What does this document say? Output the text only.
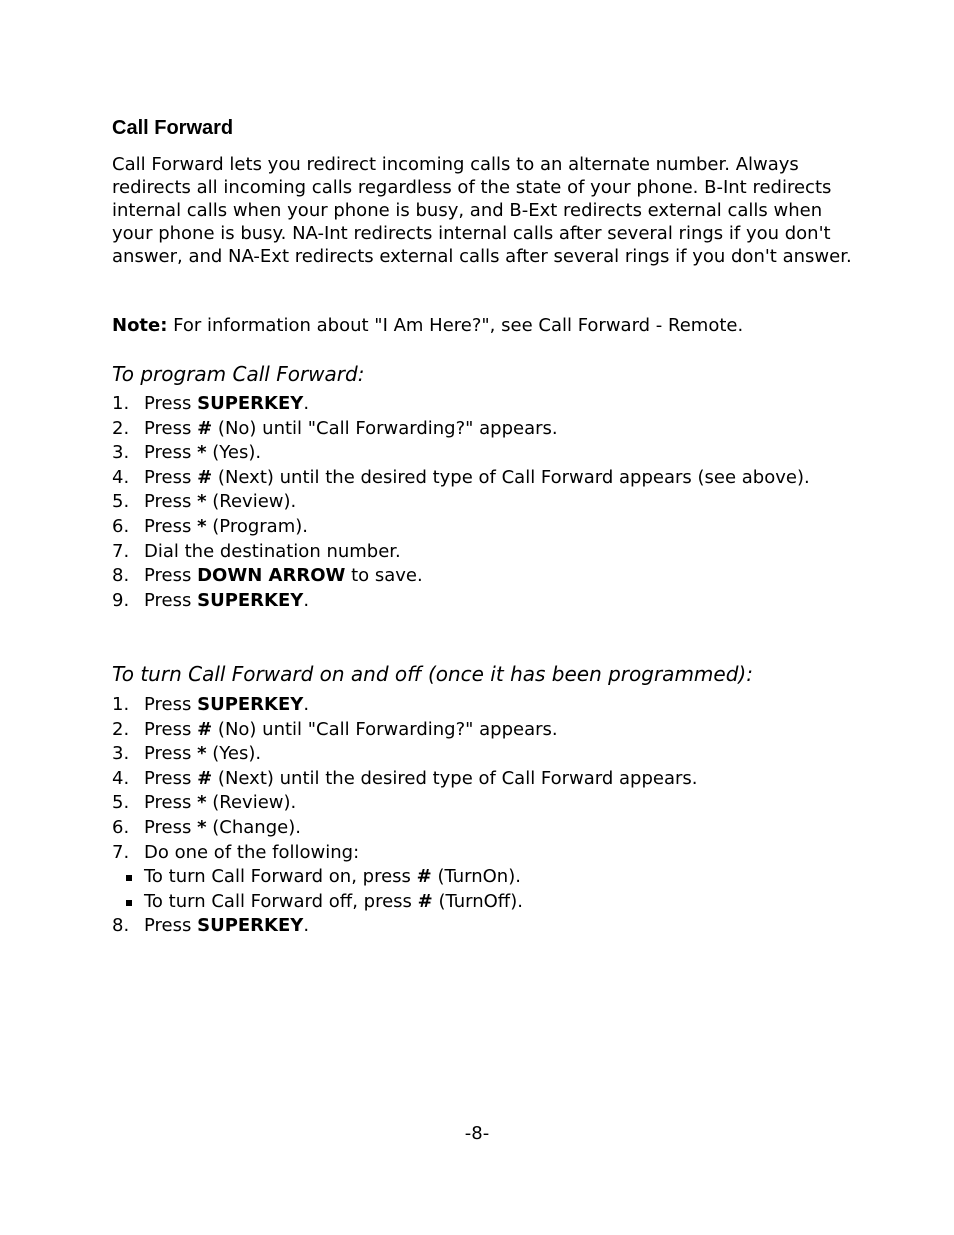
Call Forward

Call Forward lets you redirect incoming calls to an alternate number. Always redirects all incoming calls regardless of the state of your phone. B-Int redirects internal calls when your phone is busy, and B-Ext redirects external calls when your phone is busy. NA-Int redirects internal calls after several rings if you don't answer, and NA-Ext redirects external calls after several rings if you don't answer.

Note: For information about "I Am Here?", see Call Forward - Remote.

To program Call Forward:

1. Press SUPERKEY.
2. Press # (No) until "Call Forwarding?" appears.
3. Press * (Yes).
4. Press # (Next) until the desired type of Call Forward appears (see above).
5. Press * (Review).
6. Press * (Program).
7. Dial the destination number.
8. Press DOWN ARROW to save.
9. Press SUPERKEY.

To turn Call Forward on and off (once it has been programmed):

1. Press SUPERKEY.
2. Press # (No) until "Call Forwarding?" appears.
3. Press * (Yes).
4. Press # (Next) until the desired type of Call Forward appears.
5. Press * (Review).
6. Press * (Change).
7. Do one of the following:
To turn Call Forward on, press # (TurnOn).
To turn Call Forward off, press # (TurnOff).
8. Press SUPERKEY.

-8-
